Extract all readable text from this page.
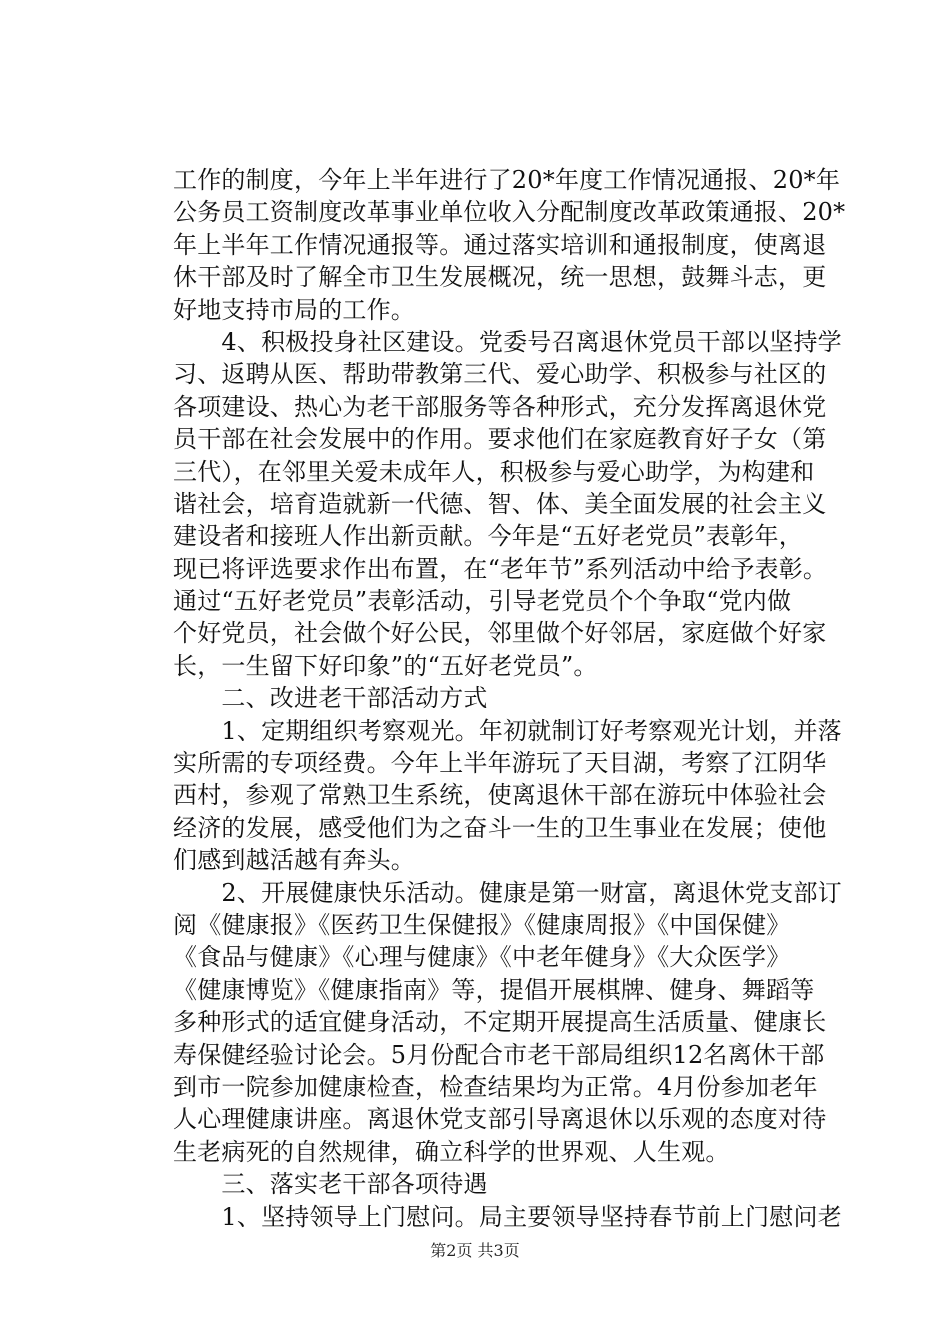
工作的制度，今年上半年进行了20*年度工作情况通报、20*年
公务员工资制度改革事业单位收入分配制度改革政策通报、20*
年上半年工作情况通报等。通过落实培训和通报制度，使离退
休干部及时了解全市卫生发展概况，统一思想，鼓舞斗志，更
好地支持市局的工作。
　　4、积极投身社区建设。党委号召离退休党员干部以坚持学
习、返聘从医、帮助带教第三代、爱心助学、积极参与社区的
各项建设、热心为老干部服务等各种形式，充分发挥离退休党
员干部在社会发展中的作用。要求他们在家庭教育好子女（第
三代），在邻里关爱未成年人，积极参与爱心助学，为构建和
谐社会，培育造就新一代德、智、体、美全面发展的社会主义
建设者和接班人作出新贡献。今年是“五好老党员”表彰年，
现已将评选要求作出布置，在“老年节”系列活动中给予表彰。
通过“五好老党员”表彰活动，引导老党员个个争取“党内做
个好党员，社会做个好公民，邻里做个好邻居，家庭做个好家
长，一生留下好印象”的“五好老党员”。
　　二、改进老干部活动方式
　　1、定期组织考察观光。年初就制订好考察观光计划，并落
实所需的专项经费。今年上半年游玩了天目湖，考察了江阴华
西村，参观了常熟卫生系统，使离退休干部在游玩中体验社会
经济的发展，感受他们为之奋斗一生的卫生事业在发展；使他
们感到越活越有奔头。
　　2、开展健康快乐活动。健康是第一财富，离退休党支部订
阅《健康报》《医药卫生保健报》《健康周报》《中国保健》
《食品与健康》《心理与健康》《中老年健身》《大众医学》
《健康博览》《健康指南》等，提倡开展棋牌、健身、舞蹈等
多种形式的适宜健身活动，不定期开展提高生活质量、健康长
寿保健经验讨论会。5月份配合市老干部局组织12名离休干部
到市一院参加健康检查，检查结果均为正常。4月份参加老年
人心理健康讲座。离退休党支部引导离退休以乐观的态度对待
生老病死的自然规律，确立科学的世界观、人生观。
　　三、落实老干部各项待遇
　　1、坚持领导上门慰问。局主要领导坚持春节前上门慰问老
第2页 共3页
